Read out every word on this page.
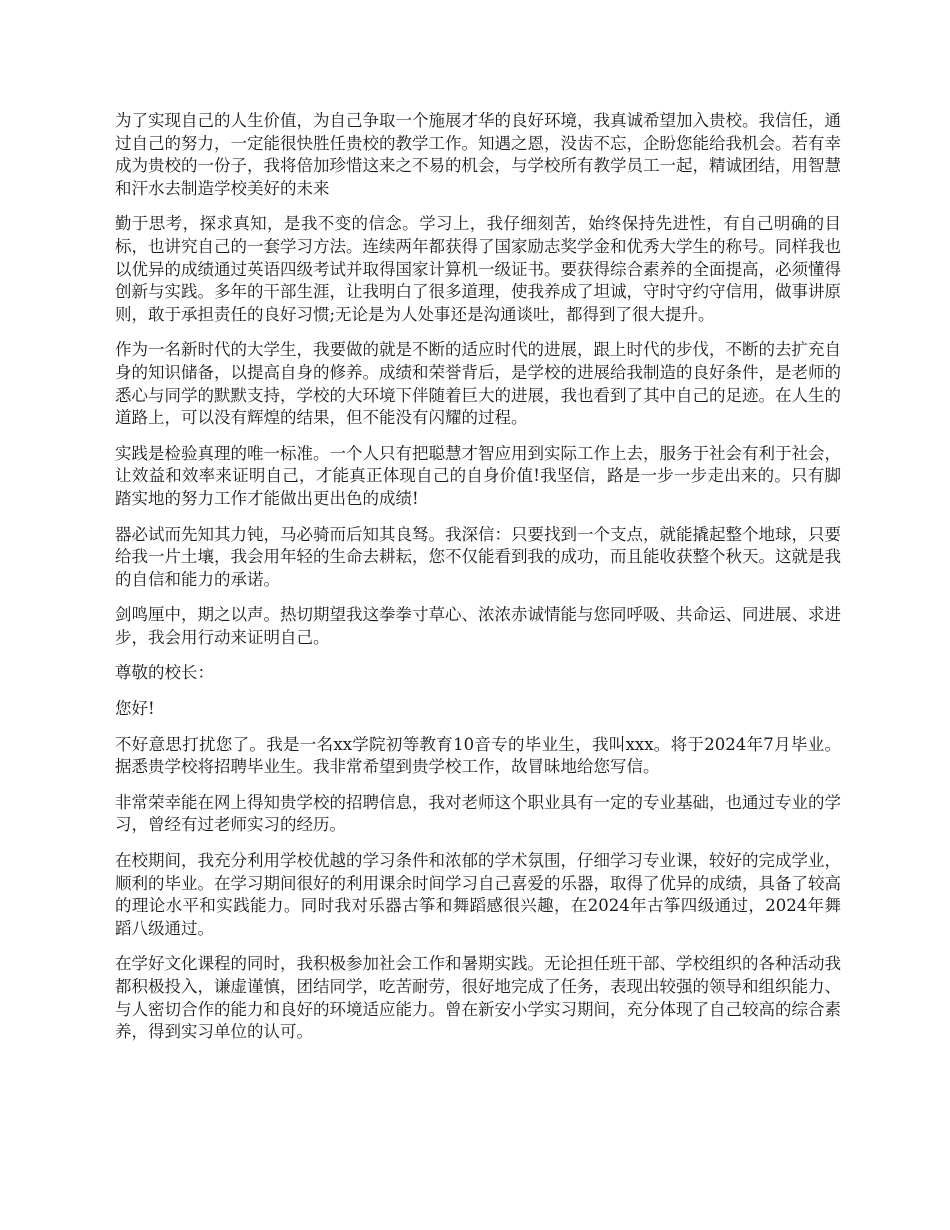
为了实现自己的人生价值，为自己争取一个施展才华的良好环境，我真诚希望加入贵校。我信任，通过自己的努力，一定能很快胜任贵校的教学工作。知遇之恩，没齿不忘，企盼您能给我机会。若有幸成为贵校的一份子，我将倍加珍惜这来之不易的机会，与学校所有教学员工一起，精诚团结，用智慧和汗水去制造学校美好的未来

勤于思考，探求真知，是我不变的信念。学习上，我仔细刻苦，始终保持先进性，有自己明确的目标，也讲究自己的一套学习方法。连续两年都获得了国家励志奖学金和优秀大学生的称号。同样我也以优异的成绩通过英语四级考试并取得国家计算机一级证书。要获得综合素养的全面提高，必须懂得创新与实践。多年的干部生涯，让我明白了很多道理，使我养成了坦诚，守时守约守信用，做事讲原则，敢于承担责任的良好习惯;无论是为人处事还是沟通谈吐，都得到了很大提升。

作为一名新时代的大学生，我要做的就是不断的适应时代的进展，跟上时代的步伐，不断的去扩充自身的知识储备，以提高自身的修养。成绩和荣誉背后，是学校的进展给我制造的良好条件，是老师的悉心与同学的默默支持，学校的大环境下伴随着巨大的进展，我也看到了其中自己的足迹。在人生的道路上，可以没有辉煌的结果，但不能没有闪耀的过程。

实践是检验真理的唯一标准。一个人只有把聪慧才智应用到实际工作上去，服务于社会有利于社会，让效益和效率来证明自己，才能真正体现自己的自身价值!我坚信，路是一步一步走出来的。只有脚踏实地的努力工作才能做出更出色的成绩!

器必试而先知其力钝，马必骑而后知其良驽。我深信：只要找到一个支点，就能撬起整个地球，只要给我一片土壤，我会用年轻的生命去耕耘，您不仅能看到我的成功，而且能收获整个秋天。这就是我的自信和能力的承诺。

剑鸣厘中，期之以声。热切期望我这拳拳寸草心、浓浓赤诚情能与您同呼吸、共命运、同进展、求进步，我会用行动来证明自己。

尊敬的校长：

您好!

不好意思打扰您了。我是一名xx学院初等教育10音专的毕业生，我叫xxx。将于2024年7月毕业。据悉贵学校将招聘毕业生。我非常希望到贵学校工作，故冒昧地给您写信。

非常荣幸能在网上得知贵学校的招聘信息，我对老师这个职业具有一定的专业基础，也通过专业的学习，曾经有过老师实习的经历。

在校期间，我充分利用学校优越的学习条件和浓郁的学术氛围，仔细学习专业课，较好的完成学业，顺利的毕业。在学习期间很好的利用课余时间学习自己喜爱的乐器，取得了优异的成绩，具备了较高的理论水平和实践能力。同时我对乐器古筝和舞蹈感很兴趣，在2024年古筝四级通过，2024年舞蹈八级通过。

在学好文化课程的同时，我积极参加社会工作和暑期实践。无论担任班干部、学校组织的各种活动我都积极投入，谦虚谨慎，团结同学，吃苦耐劳，很好地完成了任务，表现出较强的领导和组织能力、与人密切合作的能力和良好的环境适应能力。曾在新安小学实习期间，充分体现了自己较高的综合素养，得到实习单位的认可。
